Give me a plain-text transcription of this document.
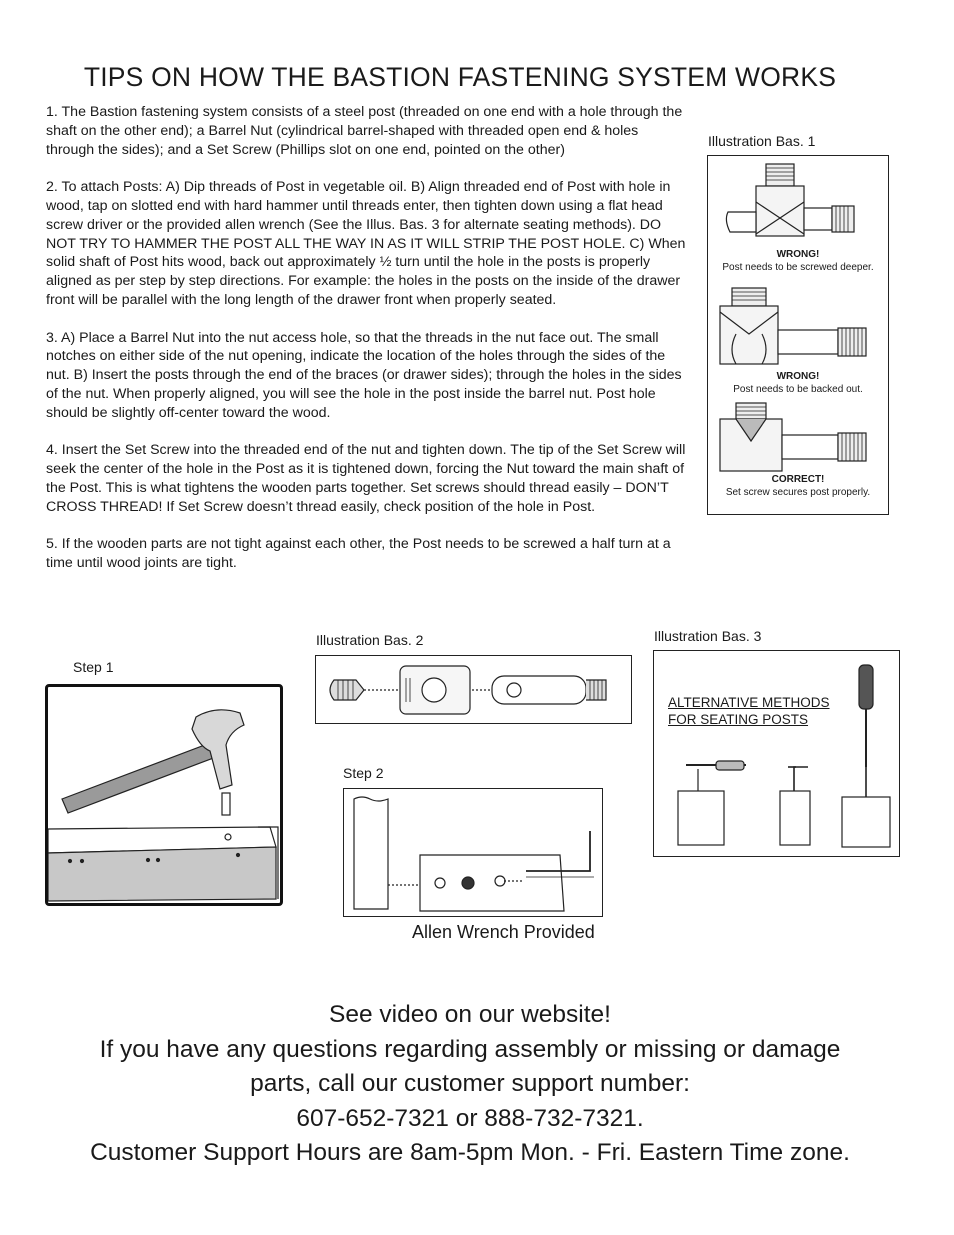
TIPS ON HOW THE BASTION FASTENING SYSTEM WORKS

1. The Bastion fastening system consists of a steel post (threaded on one end with a hole through the shaft on the other end); a Barrel Nut (cylindrical barrel-shaped with threaded open end & holes through the sides); and a Set Screw (Phillips slot on one end, pointed on the other)

2. To attach Posts: A) Dip threads of Post in vegetable oil. B) Align threaded end of Post with hole in wood, tap on slotted end with hard hammer until threads enter, then tighten down using a flat head screw driver or the provided allen wrench (See the Illus. Bas. 3 for alternate seating methods). DO NOT TRY TO HAMMER THE POST ALL THE WAY IN AS IT WILL STRIP THE POST HOLE. C) When solid shaft of Post hits wood, back out approximately ½ turn until the hole in the posts is properly aligned as per step by step directions. For example: the holes in the posts on the inside of the drawer front will be parallel with the long length of the drawer front when properly seated.

3. A) Place a Barrel Nut into the nut access hole, so that the threads in the nut face out. The small notches on either side of the nut opening, indicate the location of the holes through the sides of the nut. B) Insert the posts through the end of the braces (or drawer sides); through the holes in the sides of the nut. When properly aligned, you will see the hole in the post inside the barrel nut. Post hole should be slightly off-center toward the wood.

4. Insert the Set Screw into the threaded end of the nut and tighten down. The tip of the Set Screw will seek the center of the hole in the Post as it is tightened down, forcing the Nut toward the main shaft of the Post. This is what tightens the wooden parts together. Set screws should thread easily – DON’T CROSS THREAD! If Set Screw doesn’t thread easily, check position of the hole in Post.

5. If the wooden parts are not tight against each other, the Post needs to be screwed a half turn at a time until wood joints are tight.

Illustration Bas. 1
WRONG!
Post needs to be screwed deeper.
WRONG!
Post needs to be backed out.
CORRECT!
Set screw secures post properly.
Illustration Bas. 2	Illustration Bas. 3
ALTERNATIVE METHODS
FOR SEATING POSTS
Step 1
Step 2
Allen Wrench Provided
See video on our website!
If you have any questions regarding assembly or missing or damage
parts, call our customer support number:
607-652-7321 or 888-732-7321.
Customer Support Hours are 8am-5pm Mon. - Fri. Eastern Time zone.
